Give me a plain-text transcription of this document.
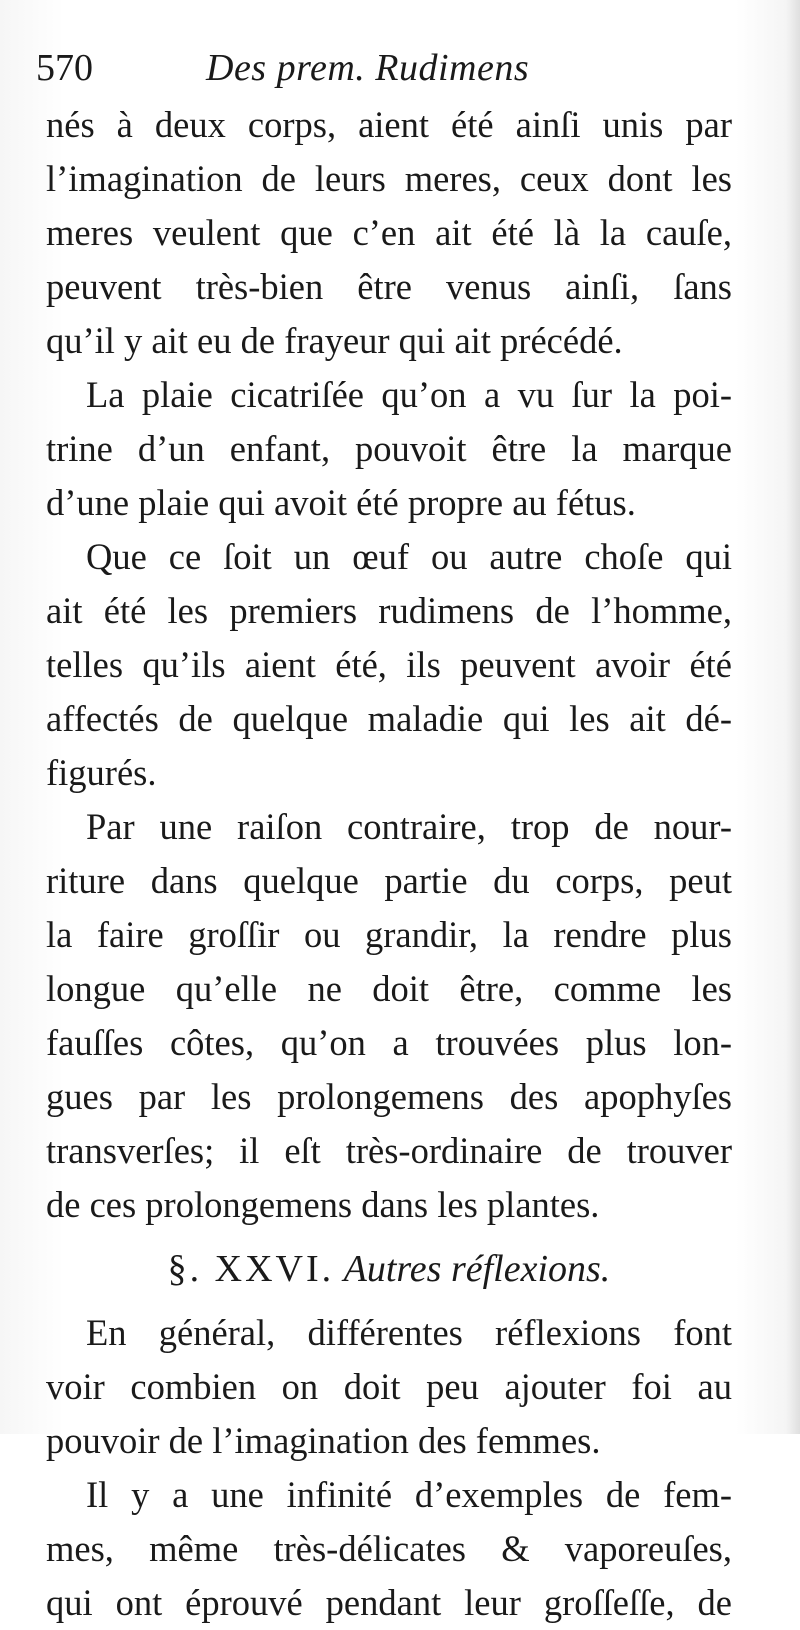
570	Des prem. Rudimens
nés à deux corps, aient été ainſi unis par
l’imagination de leurs meres, ceux dont les
meres veulent que c’en ait été là la cauſe,
peuvent très-bien être venus ainſi, ſans
qu’il y ait eu de frayeur qui ait précédé.
La plaie cicatriſée qu’on a vu ſur la poi-
trine d’un enfant, pouvoit être la marque
d’une plaie qui avoit été propre au fétus.
Que ce ſoit un œuf ou autre choſe qui
ait été les premiers rudimens de l’homme,
telles qu’ils aient été, ils peuvent avoir été
affectés de quelque maladie qui les ait dé-
figurés.
Par une raiſon contraire, trop de nour-
riture dans quelque partie du corps, peut
la faire groſſir ou grandir, la rendre plus
longue qu’elle ne doit être, comme les
fauſſes côtes, qu’on a trouvées plus lon-
gues par les prolongemens des apophyſes
transverſes; il eſt très-ordinaire de trouver
de ces prolongemens dans les plantes.
§. XXVI. Autres réflexions.
En général, différentes réflexions font
voir combien on doit peu ajouter foi au
pouvoir de l’imagination des femmes.
Il y a une infinité d’exemples de fem-
mes, même très-délicates & vaporeuſes,
qui ont éprouvé pendant leur groſſeſſe, de
